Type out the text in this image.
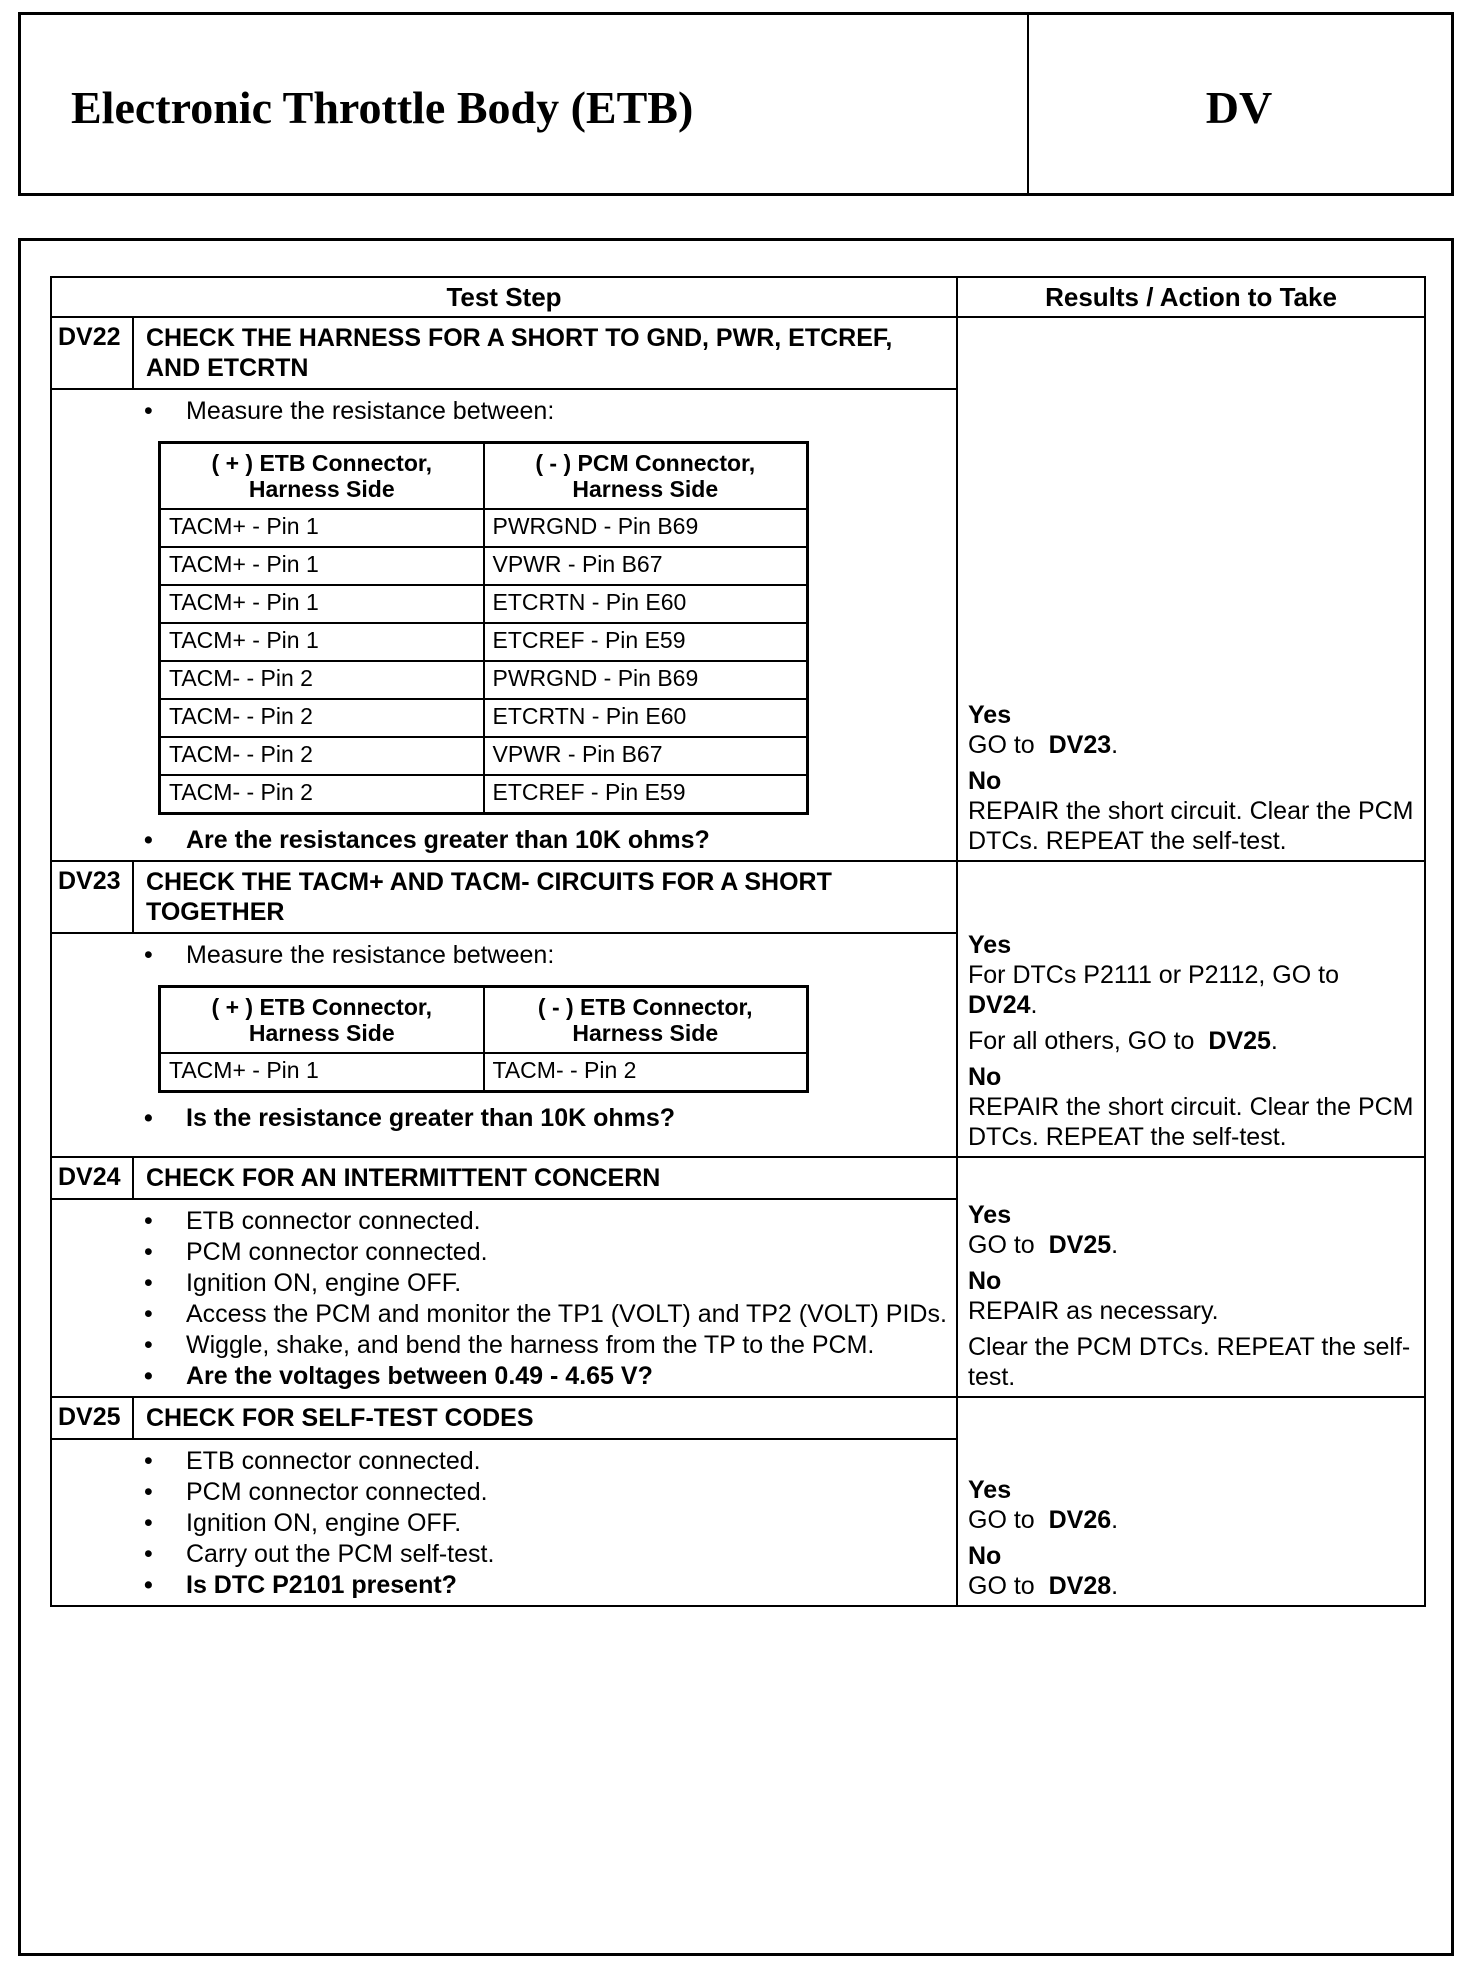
Electronic Throttle Body (ETB)	DV
Test Step	Results / Action to Take

DV22	CHECK THE HARNESS FOR A SHORT TO GND, PWR, ETCREF, AND ETCRTN
• Measure the resistance between:
( + ) ETB Connector, Harness Side	( - ) PCM Connector, Harness Side
TACM+ - Pin 1	PWRGND - Pin B69
TACM+ - Pin 1	VPWR - Pin B67
TACM+ - Pin 1	ETCRTN - Pin E60
TACM+ - Pin 1	ETCREF - Pin E59
TACM- - Pin 2	PWRGND - Pin B69
TACM- - Pin 2	ETCRTN - Pin E60
TACM- - Pin 2	VPWR - Pin B67
TACM- - Pin 2	ETCREF - Pin E59
• Are the resistances greater than 10K ohms?

Yes

GO to DV23.

No

REPAIR the short circuit. Clear the PCM DTCs. REPEAT the self-test.

DV23	CHECK THE TACM+ AND TACM- CIRCUITS FOR A SHORT TOGETHER
• Measure the resistance between:
( + ) ETB Connector, Harness Side	( - ) ETB Connector, Harness Side
TACM+ - Pin 1	TACM- - Pin 2
• Is the resistance greater than 10K ohms?

Yes

For DTCs P2111 or P2112, GO to

DV24.

For all others, GO to DV25.

No

REPAIR the short circuit. Clear the PCM DTCs. REPEAT the self-test.

DV24	CHECK FOR AN INTERMITTENT CONCERN
• ETB connector connected.
• PCM connector connected.
• Ignition ON, engine OFF.
• Access the PCM and monitor the TP1 (VOLT) and TP2 (VOLT) PIDs.
• Wiggle, shake, and bend the harness from the TP to the PCM.
• Are the voltages between 0.49 - 4.65 V?

Yes

GO to DV25.

No

REPAIR as necessary.

Clear the PCM DTCs. REPEAT the self-test.

DV25	CHECK FOR SELF-TEST CODES
• ETB connector connected.
• PCM connector connected.
• Ignition ON, engine OFF.
• Carry out the PCM self-test.
• Is DTC P2101 present?

Yes

GO to DV26.

No

GO to DV28.
